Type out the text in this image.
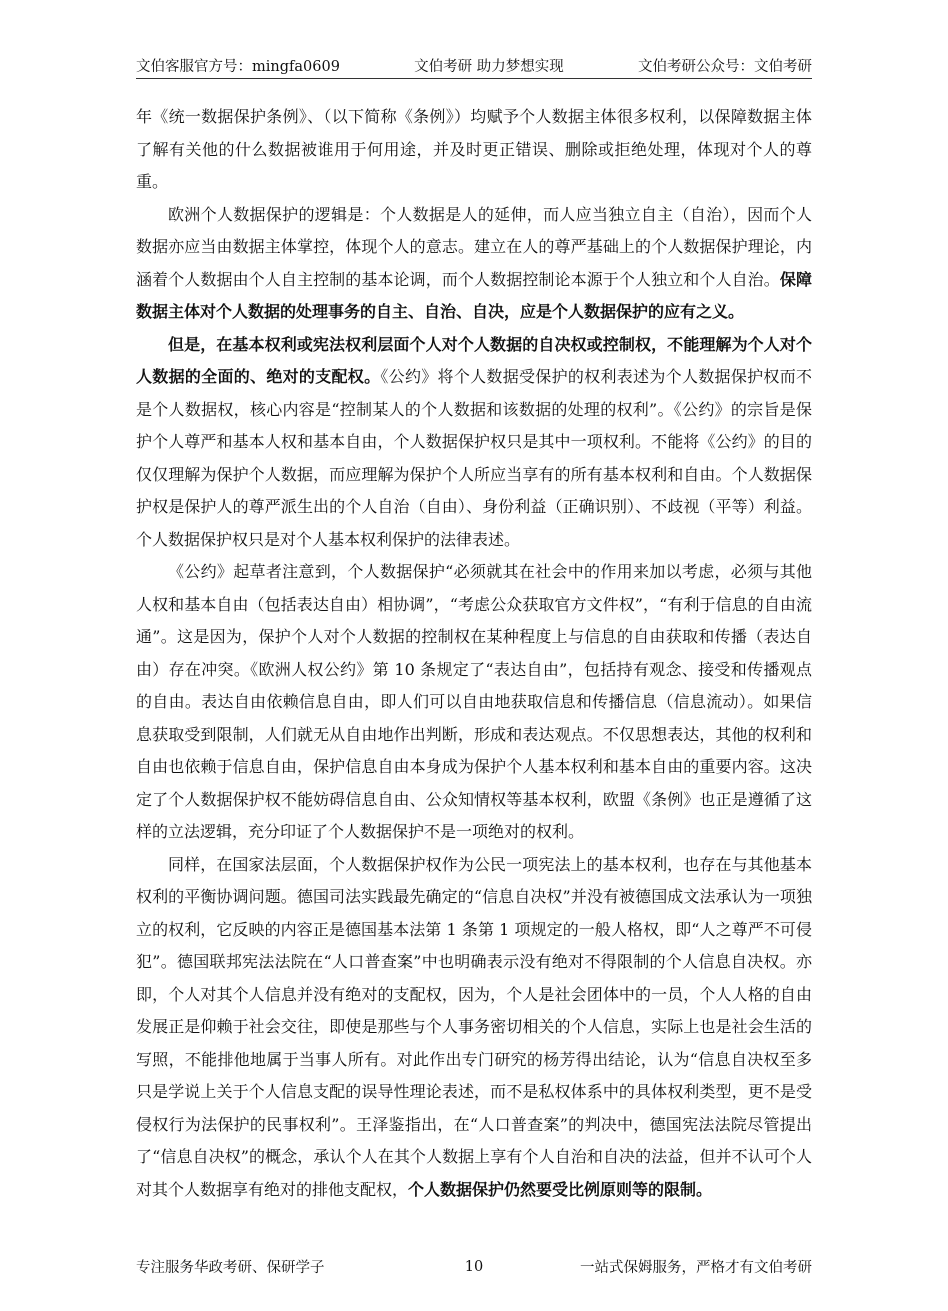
文伯客服官方号：mingfa0609	文伯考研 助力梦想实现	文伯考研公众号：文伯考研

年《统一数据保护条例》、（以下简称《条例》）均赋予个人数据主体很多权利，以保障数据主体了解有关他的什么数据被谁用于何用途，并及时更正错误、删除或拒绝处理，体现对个人的尊重。

欧洲个人数据保护的逻辑是：个人数据是人的延伸，而人应当独立自主（自治），因而个人数据亦应当由数据主体掌控，体现个人的意志。建立在人的尊严基础上的个人数据保护理论，内涵着个人数据由个人自主控制的基本论调，而个人数据控制论本源于个人独立和个人自治。保障数据主体对个人数据的处理事务的自主、自治、自决，应是个人数据保护的应有之义。

但是，在基本权利或宪法权利层面个人对个人数据的自决权或控制权，不能理解为个人对个人数据的全面的、绝对的支配权。《公约》将个人数据受保护的权利表述为个人数据保护权而不是个人数据权，核心内容是“控制某人的个人数据和该数据的处理的权利”。《公约》的宗旨是保护个人尊严和基本人权和基本自由，个人数据保护权只是其中一项权利。不能将《公约》的目的仅仅理解为保护个人数据，而应理解为保护个人所应当享有的所有基本权利和自由。个人数据保护权是保护人的尊严派生出的个人自治（自由）、身份利益（正确识别）、不歧视（平等）利益。个人数据保护权只是对个人基本权利保护的法律表述。

《公约》起草者注意到，个人数据保护“必须就其在社会中的作用来加以考虑，必须与其他人权和基本自由（包括表达自由）相协调”，“考虑公众获取官方文件权”，“有利于信息的自由流通”。这是因为，保护个人对个人数据的控制权在某种程度上与信息的自由获取和传播（表达自由）存在冲突。《欧洲人权公约》第 10 条规定了“表达自由”，包括持有观念、接受和传播观点的自由。表达自由依赖信息自由，即人们可以自由地获取信息和传播信息（信息流动）。如果信息获取受到限制，人们就无从自由地作出判断，形成和表达观点。不仅思想表达，其他的权利和自由也依赖于信息自由，保护信息自由本身成为保护个人基本权利和基本自由的重要内容。这决定了个人数据保护权不能妨碍信息自由、公众知情权等基本权利，欧盟《条例》也正是遵循了这样的立法逻辑，充分印证了个人数据保护不是一项绝对的权利。

同样，在国家法层面，个人数据保护权作为公民一项宪法上的基本权利，也存在与其他基本权利的平衡协调问题。德国司法实践最先确定的“信息自决权”并没有被德国成文法承认为一项独立的权利，它反映的内容正是德国基本法第 1 条第 1 项规定的一般人格权，即“人之尊严不可侵犯”。德国联邦宪法法院在“人口普查案”中也明确表示没有绝对不得限制的个人信息自决权。亦即，个人对其个人信息并没有绝对的支配权，因为，个人是社会团体中的一员，个人人格的自由发展正是仰赖于社会交往，即使是那些与个人事务密切相关的个人信息，实际上也是社会生活的写照，不能排他地属于当事人所有。对此作出专门研究的杨芳得出结论，认为“信息自决权至多只是学说上关于个人信息支配的误导性理论表述，而不是私权体系中的具体权利类型，更不是受侵权行为法保护的民事权利”。王泽鉴指出，在“人口普查案”的判决中，德国宪法法院尽管提出了“信息自决权”的概念，承认个人在其个人数据上享有个人自治和自决的法益，但并不认可个人对其个人数据享有绝对的排他支配权，个人数据保护仍然要受比例原则等的限制。

专注服务华政考研、保研学子	10	一站式保姆服务，严格才有文伯考研
